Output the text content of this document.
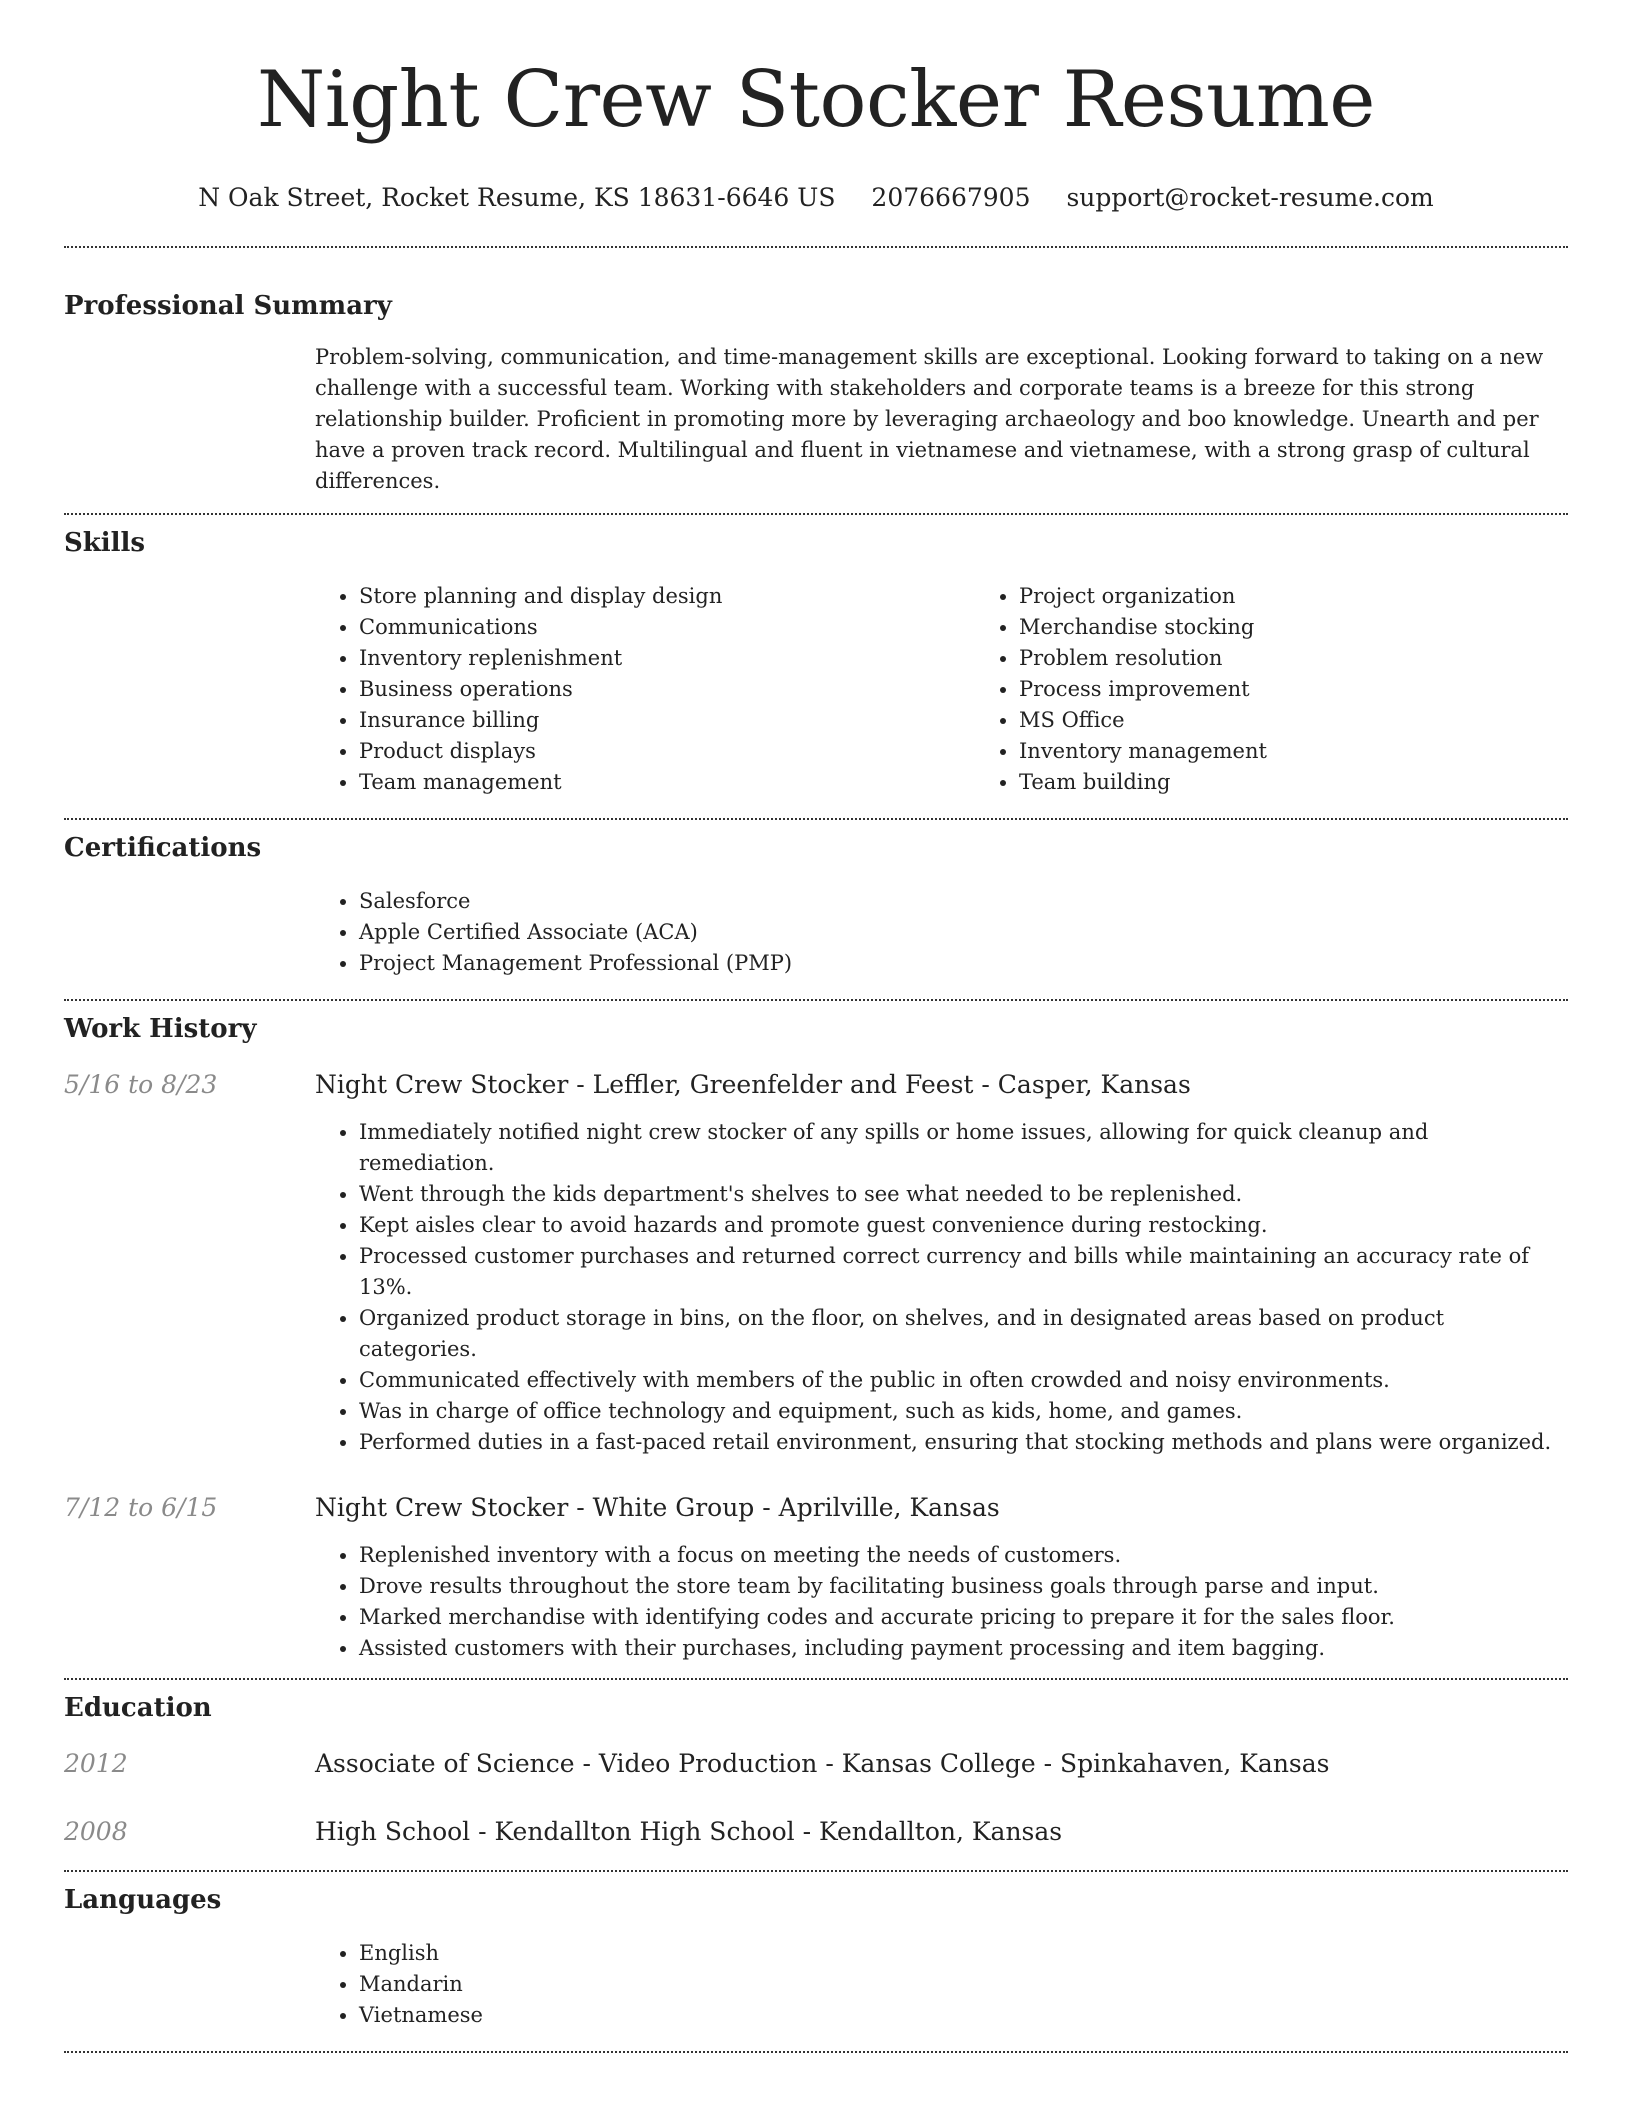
Night Crew Stocker Resume
N Oak Street, Rocket Resume, KS 18631-6646 US 2076667905 support@rocket-resume.com
Professional Summary
Problem-solving, communication, and time-management skills are exceptional. Looking forward to taking on a new challenge with a successful team. Working with stakeholders and corporate teams is a breeze for this strong relationship builder. Proficient in promoting more by leveraging archaeology and boo knowledge. Unearth and per have a proven track record. Multilingual and fluent in vietnamese and vietnamese, with a strong grasp of cultural differences.
Skills
• Store planning and display design
• Communications
• Inventory replenishment
• Business operations
• Insurance billing
• Product displays
• Team management
• Project organization
• Merchandise stocking
• Problem resolution
• Process improvement
• MS Office
• Inventory management
• Team building
Certifications
• Salesforce
• Apple Certified Associate (ACA)
• Project Management Professional (PMP)
Work History
5/16 to 8/23	Night Crew Stocker - Leffler, Greenfelder and Feest - Casper, Kansas
• Immediately notified night crew stocker of any spills or home issues, allowing for quick cleanup and remediation.
• Went through the kids department's shelves to see what needed to be replenished.
• Kept aisles clear to avoid hazards and promote guest convenience during restocking.
• Processed customer purchases and returned correct currency and bills while maintaining an accuracy rate of 13%.
• Organized product storage in bins, on the floor, on shelves, and in designated areas based on product categories.
• Communicated effectively with members of the public in often crowded and noisy environments.
• Was in charge of office technology and equipment, such as kids, home, and games.
• Performed duties in a fast-paced retail environment, ensuring that stocking methods and plans were organized.
7/12 to 6/15	Night Crew Stocker - White Group - Aprilville, Kansas
• Replenished inventory with a focus on meeting the needs of customers.
• Drove results throughout the store team by facilitating business goals through parse and input.
• Marked merchandise with identifying codes and accurate pricing to prepare it for the sales floor.
• Assisted customers with their purchases, including payment processing and item bagging.
Education
2012	Associate of Science - Video Production - Kansas College - Spinkahaven, Kansas
2008	High School - Kendallton High School - Kendallton, Kansas
Languages
• English
• Mandarin
• Vietnamese
